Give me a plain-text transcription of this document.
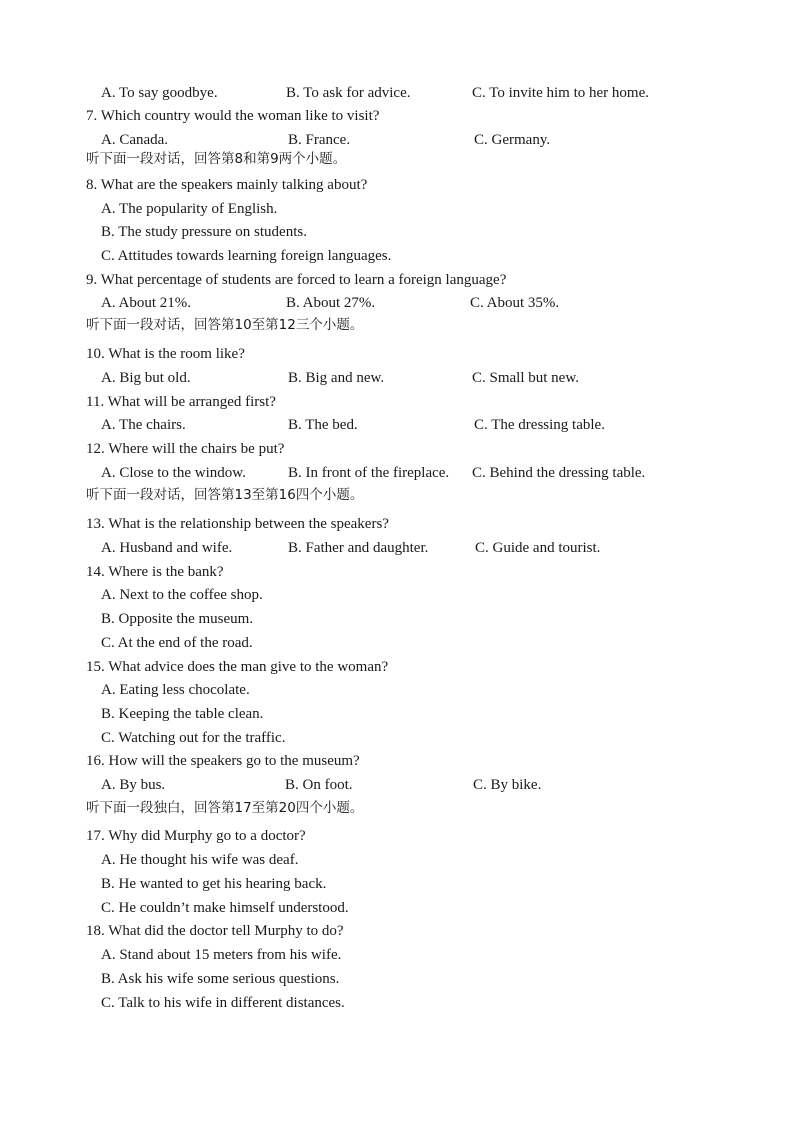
A. To say goodbye.	B. To ask for advice.	C. To invite him to her home.
7. Which country would the woman like to visit?
A. Canada.	B. France.	C. Germany.
听下面一段对话，回答第8和第9两个小题。
8. What are the speakers mainly talking about?
A. The popularity of English.
B. The study pressure on students.
C. Attitudes towards learning foreign languages.
9. What percentage of students are forced to learn a foreign language?
A. About 21%.	B. About 27%.	C. About 35%.
听下面一段对话，回答第10至第12三个小题。
10. What is the room like?
A. Big but old.	B. Big and new.	C. Small but new.
11. What will be arranged first?
A. The chairs.	B. The bed.	C. The dressing table.
12. Where will the chairs be put?
A. Close to the window.	B. In front of the fireplace. C. Behind the dressing table.
听下面一段对话，回答第13至第16四个小题。
13. What is the relationship between the speakers?
A. Husband and wife.	B. Father and daughter.	C. Guide and tourist.
14. Where is the bank?
A. Next to the coffee shop.
B. Opposite the museum.
C. At the end of the road.
15. What advice does the man give to the woman?
A. Eating less chocolate.
B. Keeping the table clean.
C. Watching out for the traffic.
16. How will the speakers go to the museum?
A. By bus.	B. On foot.	C. By bike.
听下面一段独白，回答第17至第20四个小题。
17. Why did Murphy go to a doctor?
A. He thought his wife was deaf.
B. He wanted to get his hearing back.
C. He couldn’t make himself understood.
18. What did the doctor tell Murphy to do?
A. Stand about 15 meters from his wife.
B. Ask his wife some serious questions.
C. Talk to his wife in different distances.
